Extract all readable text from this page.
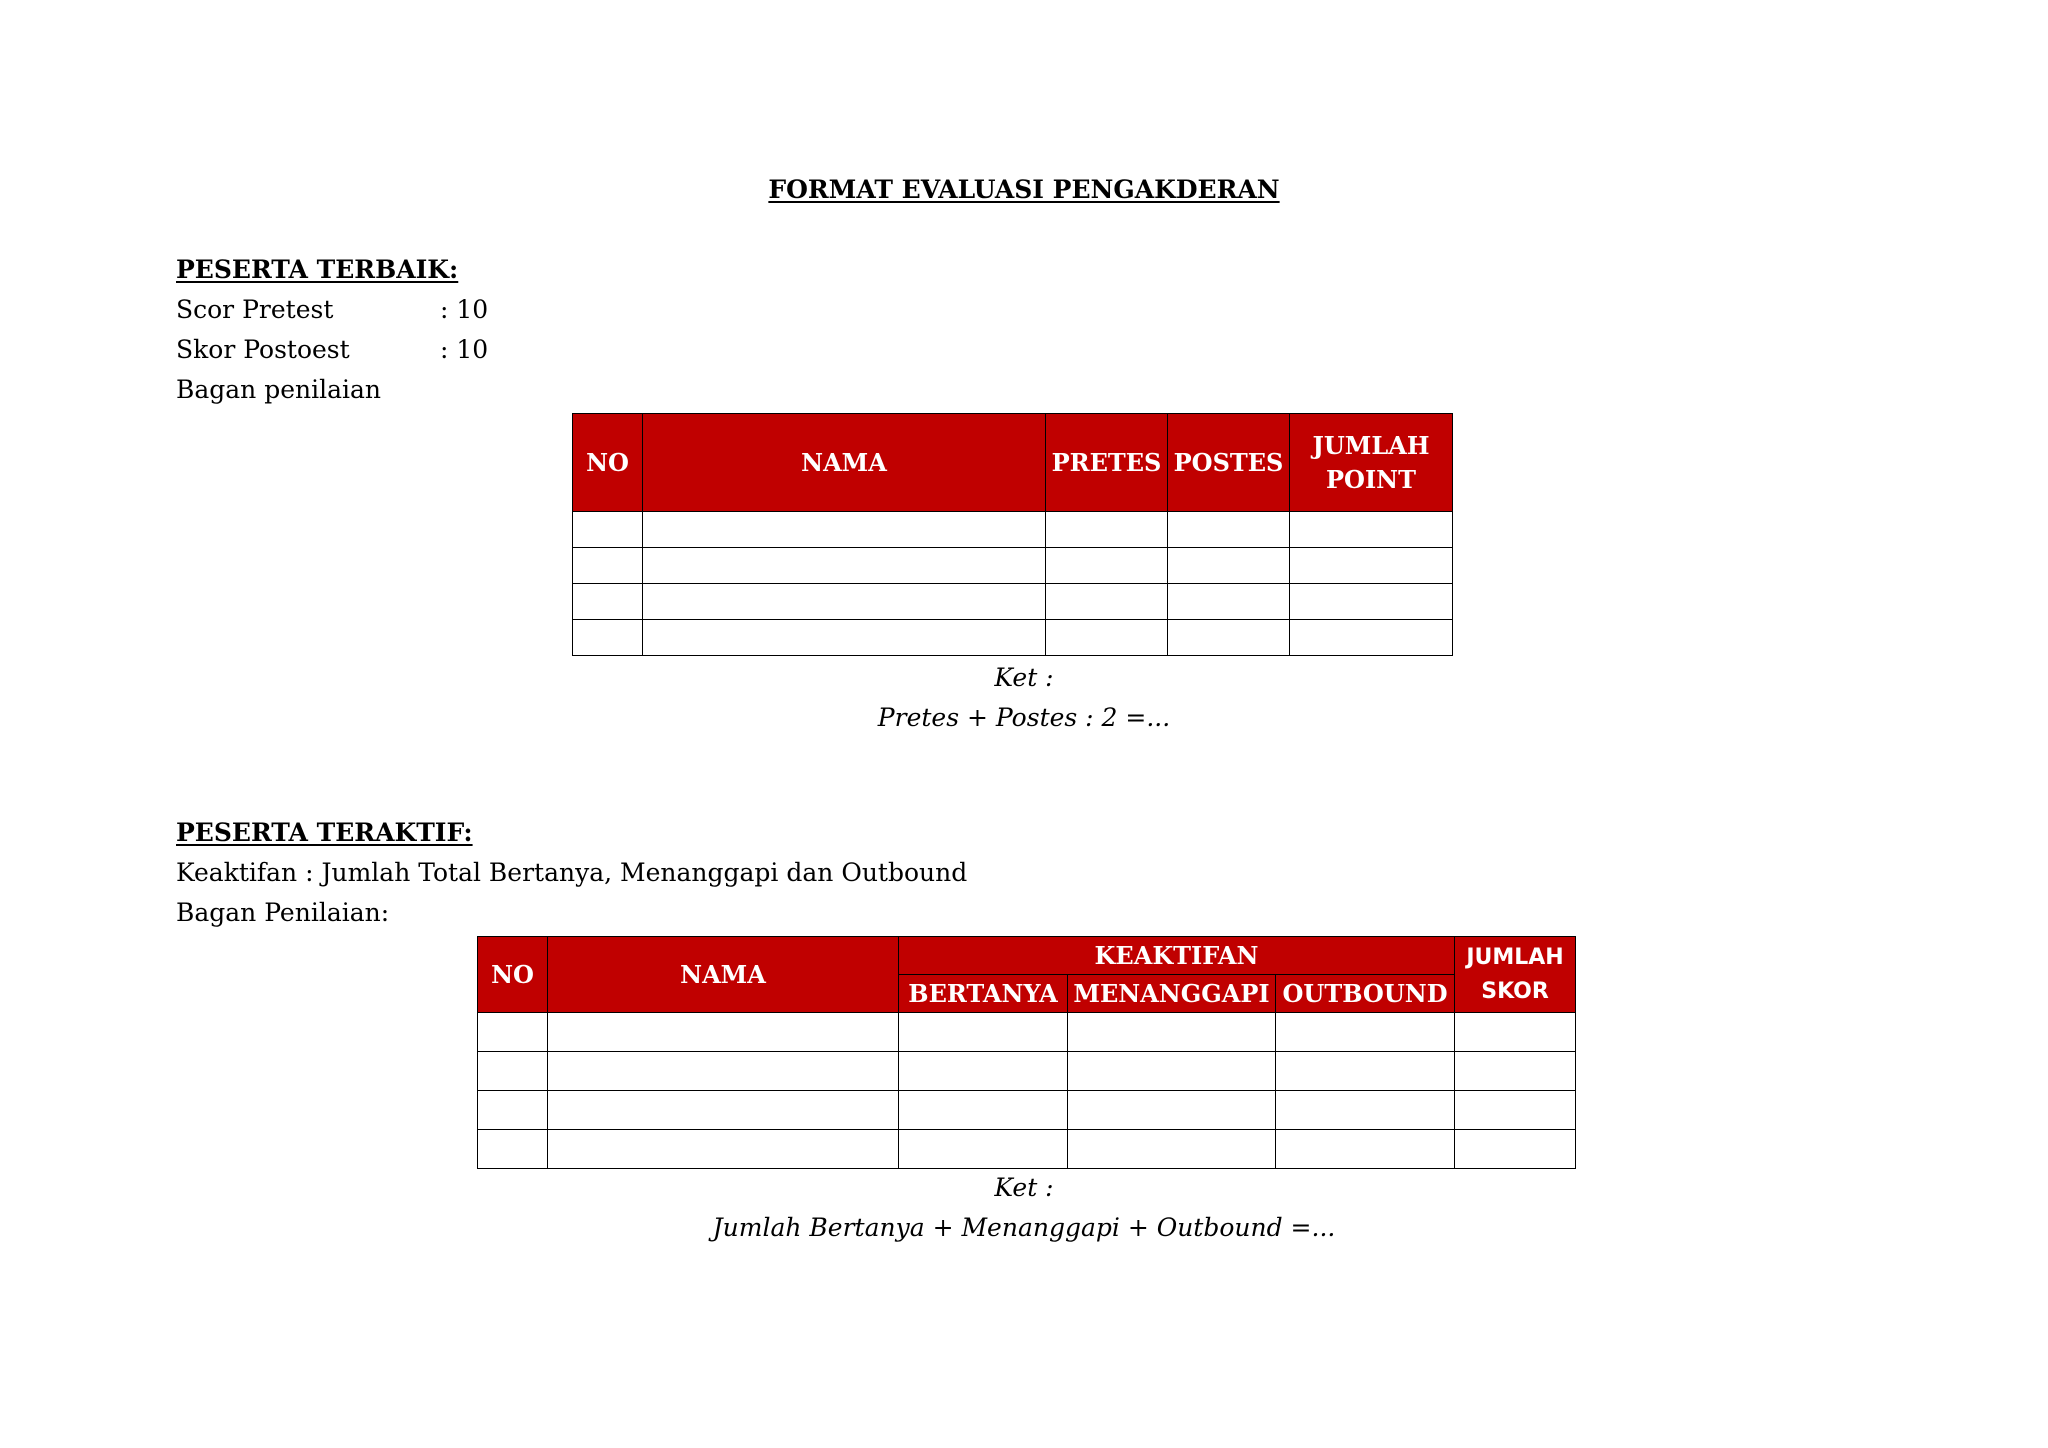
FORMAT EVALUASI PENGAKDERAN
PESERTA TERBAIK:
Scor Pretest	: 10
Skor Postoest	: 10
Bagan penilaian
NO	NAMA	PRETES	POSTES	JUMLAH
POINT

Ket :
Pretes + Postes : 2 =...
PESERTA TERAKTIF:
Keaktifan : Jumlah Total Bertanya, Menanggapi dan Outbound
Bagan Penilaian:
NO	NAMA	KEAKTIFAN			JUMLAH
SKOR
		BERTANYA	MENANGGAPI	OUTBOUND	

Ket :
Jumlah Bertanya + Menanggapi + Outbound =...
